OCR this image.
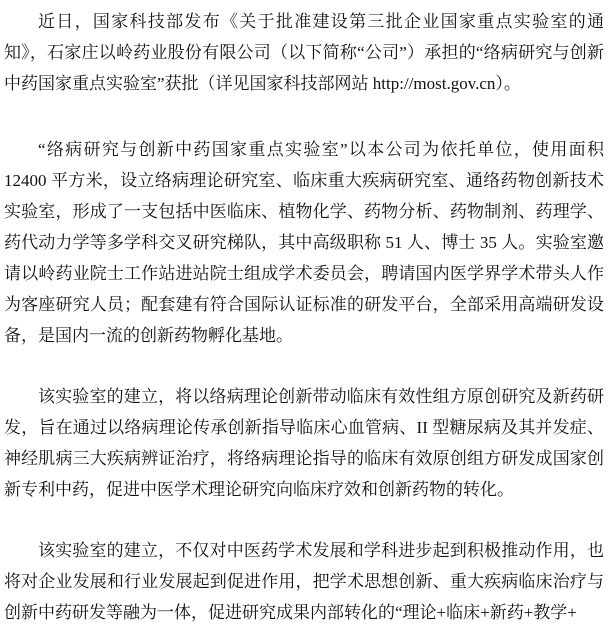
近日，国家科技部发布《关于批准建设第三批企业国家重点实验室的通知》，石家庄以岭药业股份有限公司（以下简称“公司”）承担的“络病研究与创新中药国家重点实验室”获批（详见国家科技部网站 http://most.gov.cn）。

“络病研究与创新中药国家重点实验室”以本公司为依托单位，使用面积 12400 平方米，设立络病理论研究室、临床重大疾病研究室、通络药物创新技术实验室，形成了一支包括中医临床、植物化学、药物分析、药物制剂、药理学、药代动力学等多学科交叉研究梯队，其中高级职称 51 人、博士 35 人。实验室邀请以岭药业院士工作站进站院士组成学术委员会，聘请国内医学界学术带头人作为客座研究人员；配套建有符合国际认证标准的研发平台，全部采用高端研发设备，是国内一流的创新药物孵化基地。

该实验室的建立，将以络病理论创新带动临床有效性组方原创研究及新药研发，旨在通过以络病理论传承创新指导临床心血管病、II 型糖尿病及其并发症、神经肌病三大疾病辨证治疗，将络病理论指导的临床有效原创组方研发成国家创新专利中药，促进中医学术理论研究向临床疗效和创新药物的转化。

该实验室的建立，不仅对中医药学术发展和学科进步起到积极推动作用，也将对企业发展和行业发展起到促进作用，把学术思想创新、重大疾病临床治疗与创新中药研发等融为一体，促进研究成果内部转化的“理论+临床+新药+教学+
